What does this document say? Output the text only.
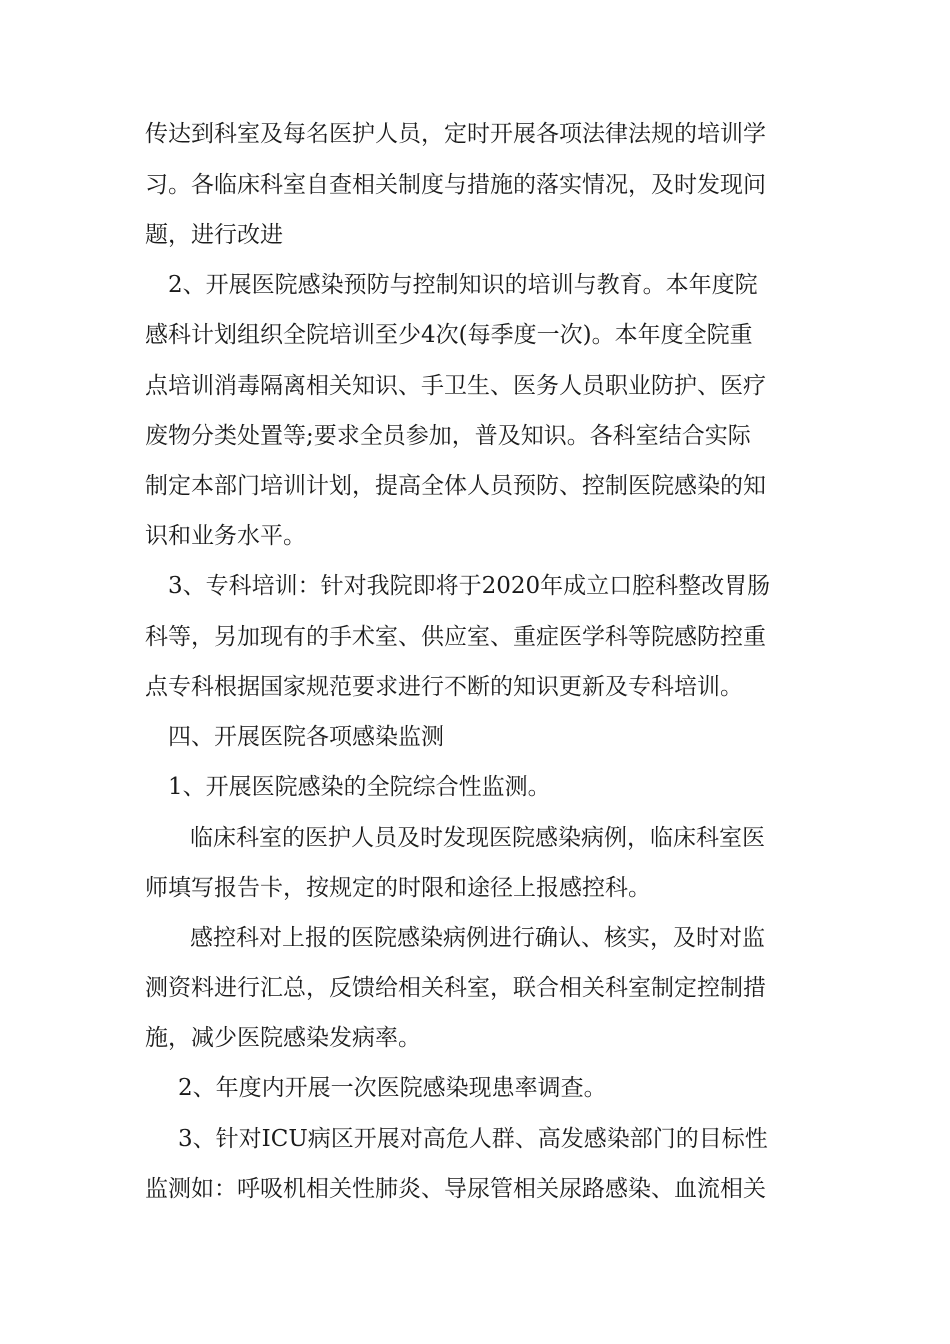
传达到科室及每名医护人员，定时开展各项法律法规的培训学
习。各临床科室自查相关制度与措施的落实情况，及时发现问
题，进行改进
2、开展医院感染预防与控制知识的培训与教育。本年度院
感科计划组织全院培训至少4次(每季度一次)。本年度全院重
点培训消毒隔离相关知识、手卫生、医务人员职业防护、医疗
废物分类处置等;要求全员参加，普及知识。各科室结合实际
制定本部门培训计划，提高全体人员预防、控制医院感染的知
识和业务水平。
3、专科培训：针对我院即将于2020年成立口腔科整改胃肠
科等，另加现有的手术室、供应室、重症医学科等院感防控重
点专科根据国家规范要求进行不断的知识更新及专科培训。
四、开展医院各项感染监测
1、开展医院感染的全院综合性监测。
临床科室的医护人员及时发现医院感染病例，临床科室医
师填写报告卡，按规定的时限和途径上报感控科。
感控科对上报的医院感染病例进行确认、核实，及时对监
测资料进行汇总，反馈给相关科室，联合相关科室制定控制措
施，减少医院感染发病率。
2、年度内开展一次医院感染现患率调查。
3、针对ICU病区开展对高危人群、高发感染部门的目标性
监测如：呼吸机相关性肺炎、导尿管相关尿路感染、血流相关
